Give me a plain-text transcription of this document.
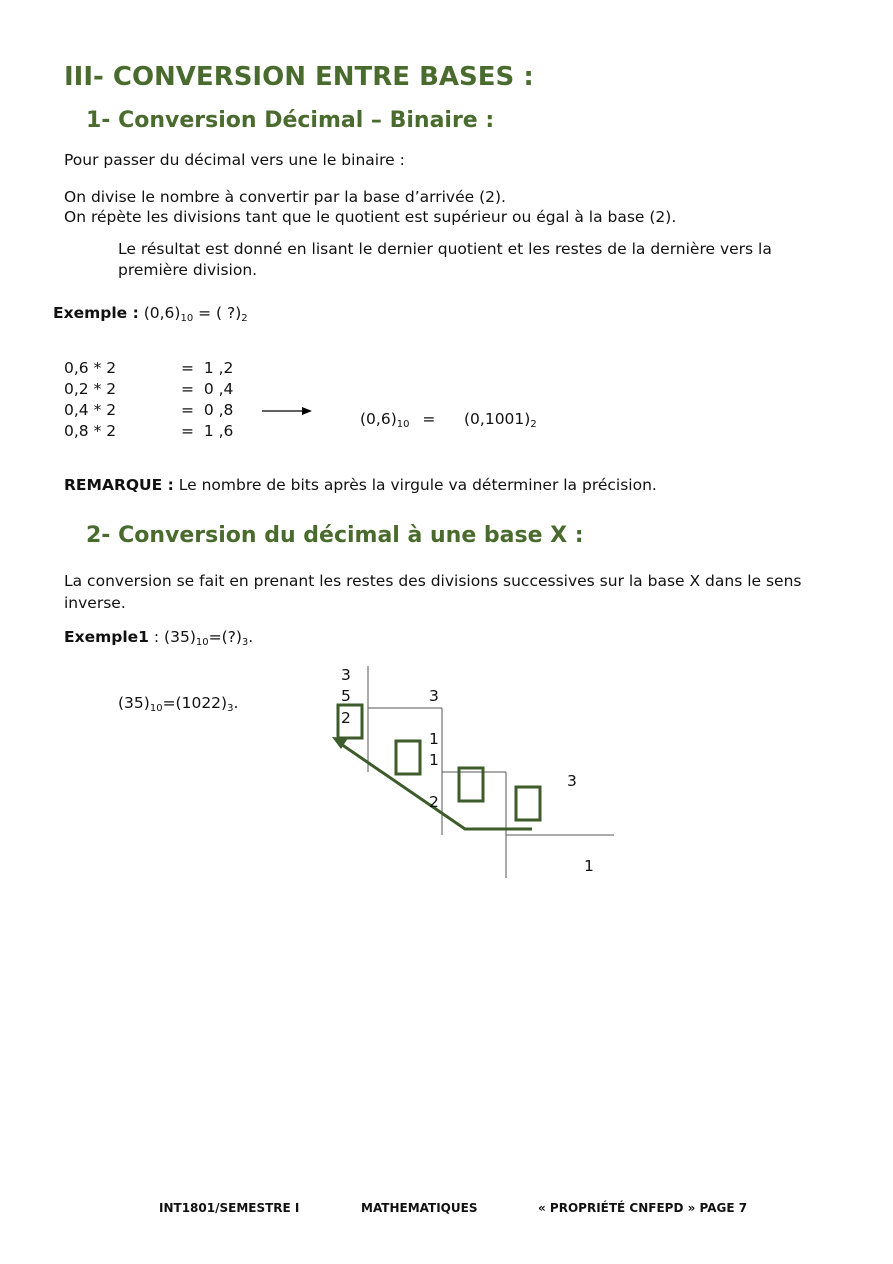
III- CONVERSION ENTRE BASES :
1- Conversion Décimal – Binaire :
Pour passer du décimal vers une le binaire :
On divise le nombre à convertir par la base d’arrivée (2).
On répète les divisions tant que le quotient est supérieur ou égal à la base (2).
Le résultat est donné en lisant le dernier quotient et les restes de la dernière vers la
première division.
Exemple : $(0,6)_{10}$ = ( $?)_2$
0,6 * 2
0,2 * 2
0,4 * 2
0,8 * 2
=  1 ,2
=  0 ,4
=  0 ,8
=  1 ,6
$(0,6)_{10} = (0,1001)_2$
REMARQUE : Le nombre de bits après la virgule va déterminer la précision.
2- Conversion du décimal à une base X :
La conversion se fait en prenant les restes des divisions successives sur la base X dans le sens
inverse.
Exemple1 : $(35)_{10}=(?)_3$.
$(35)_{10}=(1022)_3$.
3
5
2
3
1
1
2
3
1
INT1801/SEMESTRE I	MATHEMATIQUES	« PROPRIÉTÉ CNFEPD » PAGE 7
